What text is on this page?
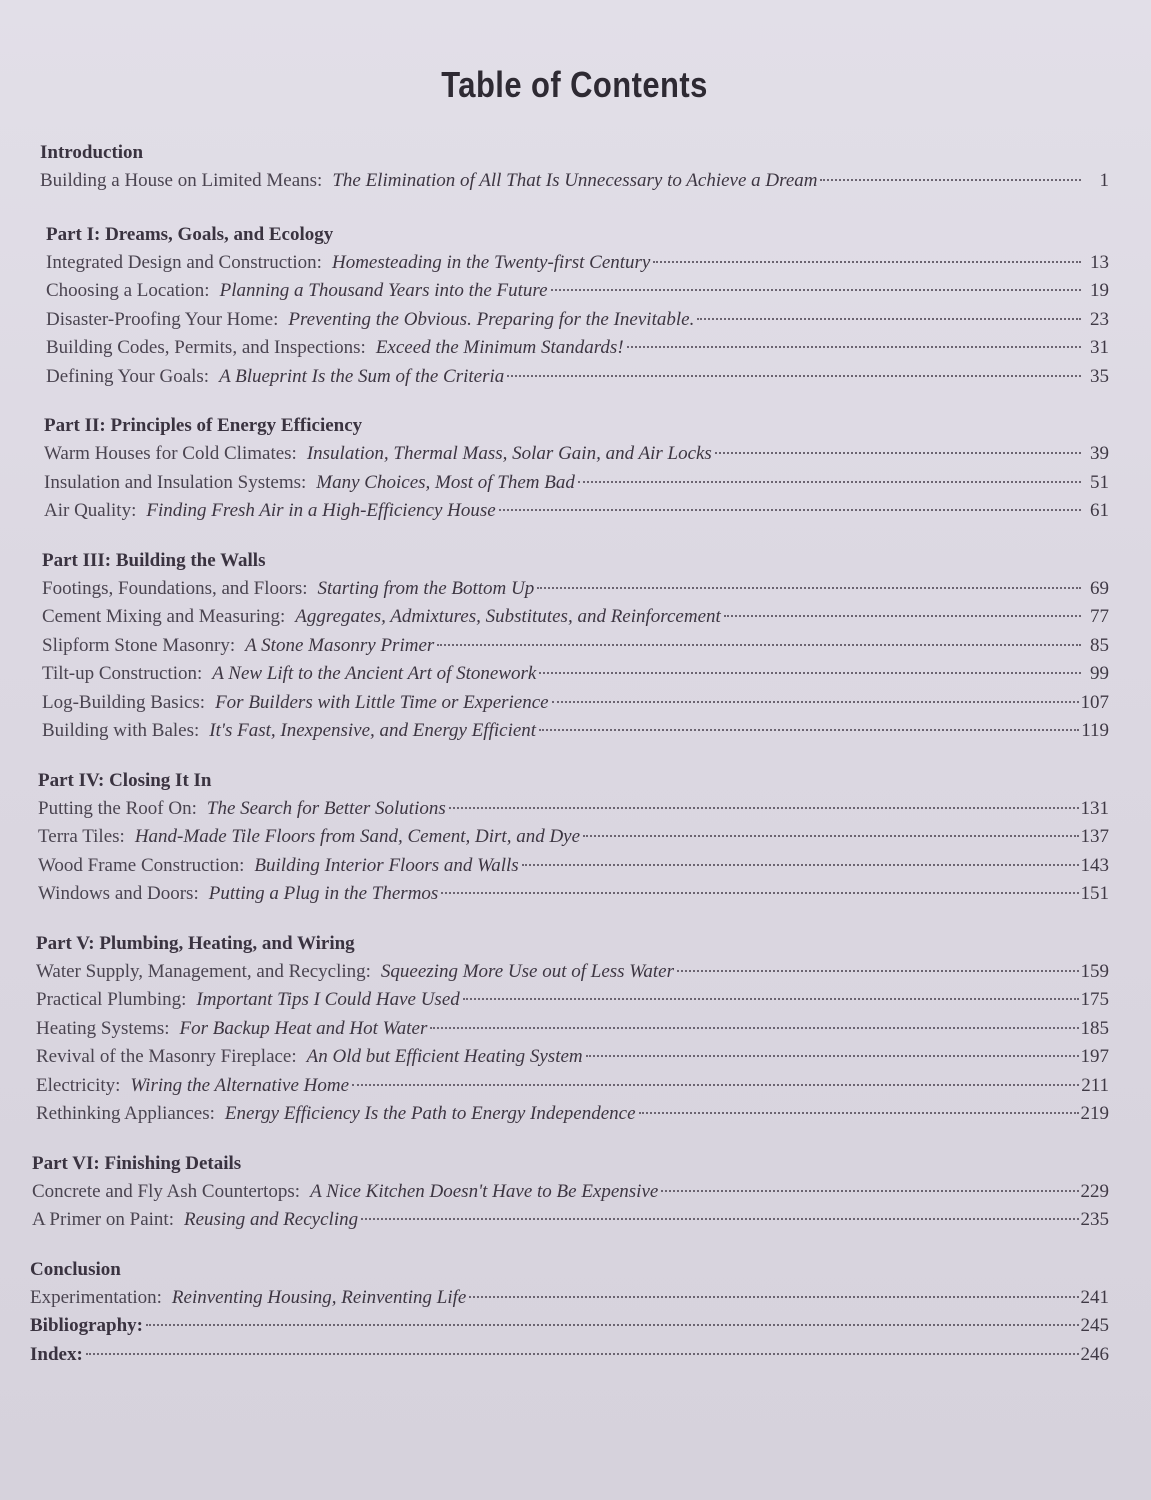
Table of Contents
Introduction
Building a House on Limited Means: The Elimination of All That Is Unnecessary to Achieve a Dream	1
Part I: Dreams, Goals, and Ecology
Integrated Design and Construction: Homesteading in the Twenty-first Century	13
Choosing a Location: Planning a Thousand Years into the Future	19
Disaster-Proofing Your Home: Preventing the Obvious. Preparing for the Inevitable.	23
Building Codes, Permits, and Inspections: Exceed the Minimum Standards!	31
Defining Your Goals: A Blueprint Is the Sum of the Criteria	35
Part II: Principles of Energy Efficiency
Warm Houses for Cold Climates: Insulation, Thermal Mass, Solar Gain, and Air Locks	39
Insulation and Insulation Systems: Many Choices, Most of Them Bad	51
Air Quality: Finding Fresh Air in a High-Efficiency House	61
Part III: Building the Walls
Footings, Foundations, and Floors: Starting from the Bottom Up	69
Cement Mixing and Measuring: Aggregates, Admixtures, Substitutes, and Reinforcement	77
Slipform Stone Masonry: A Stone Masonry Primer	85
Tilt-up Construction: A New Lift to the Ancient Art of Stonework	99
Log-Building Basics: For Builders with Little Time or Experience	107
Building with Bales: It's Fast, Inexpensive, and Energy Efficient	119
Part IV: Closing It In
Putting the Roof On: The Search for Better Solutions	131
Terra Tiles: Hand-Made Tile Floors from Sand, Cement, Dirt, and Dye	137
Wood Frame Construction: Building Interior Floors and Walls	143
Windows and Doors: Putting a Plug in the Thermos	151
Part V: Plumbing, Heating, and Wiring
Water Supply, Management, and Recycling: Squeezing More Use out of Less Water	159
Practical Plumbing: Important Tips I Could Have Used	175
Heating Systems: For Backup Heat and Hot Water	185
Revival of the Masonry Fireplace: An Old but Efficient Heating System	197
Electricity: Wiring the Alternative Home	211
Rethinking Appliances: Energy Efficiency Is the Path to Energy Independence	219
Part VI: Finishing Details
Concrete and Fly Ash Countertops: A Nice Kitchen Doesn't Have to Be Expensive	229
A Primer on Paint: Reusing and Recycling	235
Conclusion
Experimentation: Reinventing Housing, Reinventing Life	241
Bibliography:	245
Index:	246
